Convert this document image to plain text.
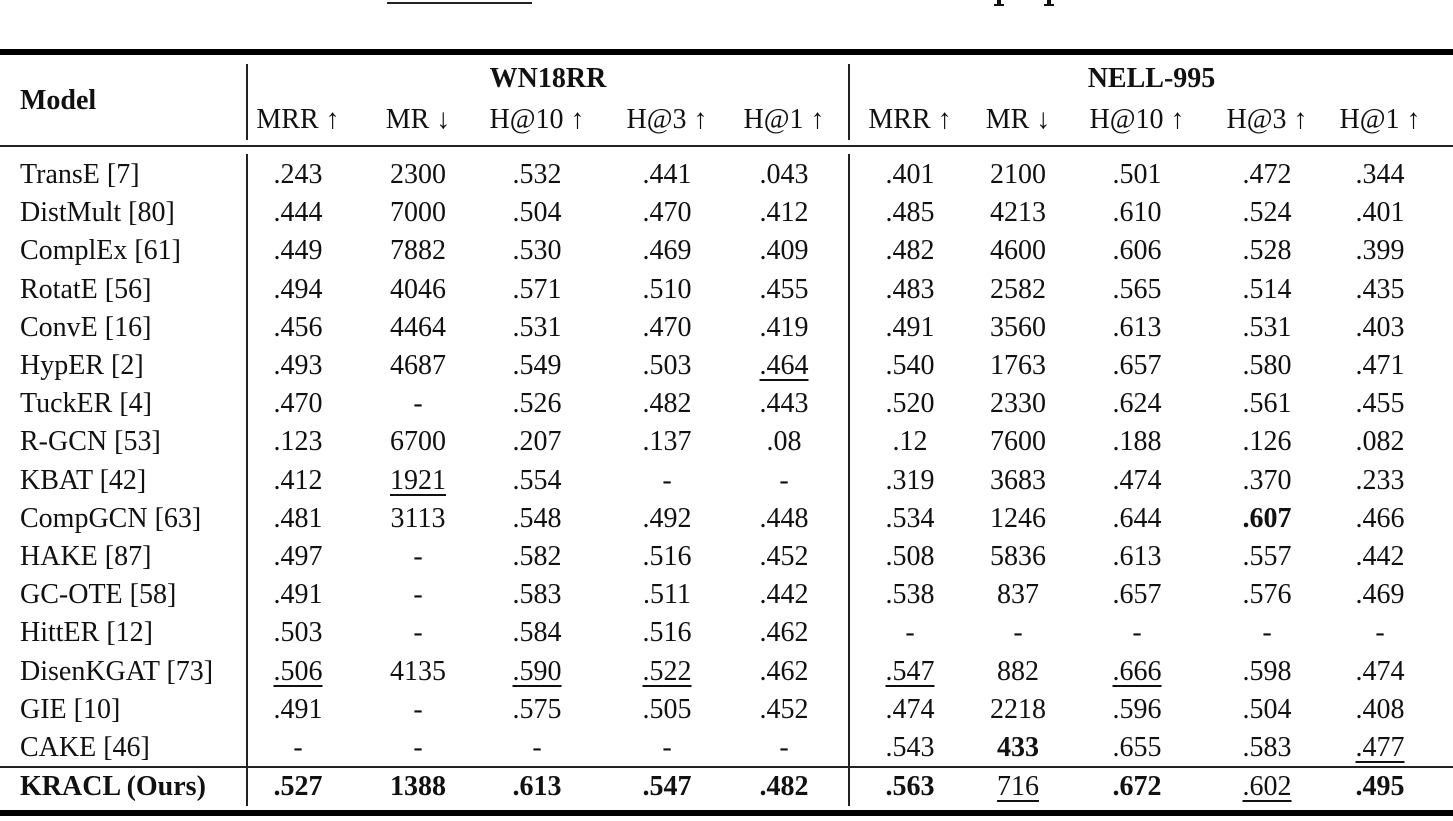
Model
WN18RR	NELL-995
MRR ↑	MR ↓	H@10 ↑	H@3 ↑	H@1 ↑	MRR ↑	MR ↓	H@10 ↑	H@3 ↑	H@1 ↑
TransE [7]	.243	2300	.532	.441	.043	.401	2100	.501	.472	.344
DistMult [80]	.444	7000	.504	.470	.412	.485	4213	.610	.524	.401
ComplEx [61]	.449	7882	.530	.469	.409	.482	4600	.606	.528	.399
RotatE [56]	.494	4046	.571	.510	.455	.483	2582	.565	.514	.435
ConvE [16]	.456	4464	.531	.470	.419	.491	3560	.613	.531	.403
HypER [2]	.493	4687	.549	.503	.464	.540	1763	.657	.580	.471
TuckER [4]	.470	-	.526	.482	.443	.520	2330	.624	.561	.455
R-GCN [53]	.123	6700	.207	.137	.08	.12	7600	.188	.126	.082
KBAT [42]	.412	1921	.554	-	-	.319	3683	.474	.370	.233
CompGCN [63]	.481	3113	.548	.492	.448	.534	1246	.644	.607	.466
HAKE [87]	.497	-	.582	.516	.452	.508	5836	.613	.557	.442
GC-OTE [58]	.491	-	.583	.511	.442	.538	837	.657	.576	.469
HittER [12]	.503	-	.584	.516	.462	-	-	-	-	-
DisenKGAT [73]	.506	4135	.590	.522	.462	.547	882	.666	.598	.474
GIE [10]	.491	-	.575	.505	.452	.474	2218	.596	.504	.408
CAKE [46]	-	-	-	-	-	.543	433	.655	.583	.477
KRACL (Ours)	.527	1388	.613	.547	.482	.563	716	.672	.602	.495
